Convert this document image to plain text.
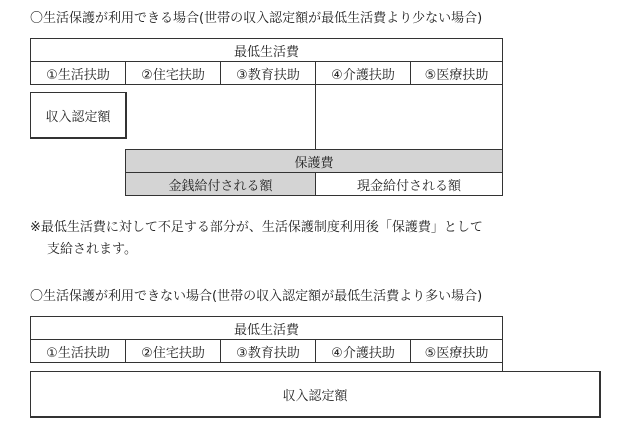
〇生活保護が利用できる場合(世帯の収入認定額が最低生活費より少ない場合)
最低生活費
①生活扶助 ②住宅扶助 ③教育扶助 ④介護扶助 ⑤医療扶助
収入認定額
保護費
金銭給付される額	現金給付される額
※最低生活費に対して不足する部分が、生活保護制度利用後「保護費」として
支給されます。
〇生活保護が利用できない場合(世帯の収入認定額が最低生活費より多い場合)
最低生活費
①生活扶助 ②住宅扶助 ③教育扶助 ④介護扶助 ⑤医療扶助
収入認定額
